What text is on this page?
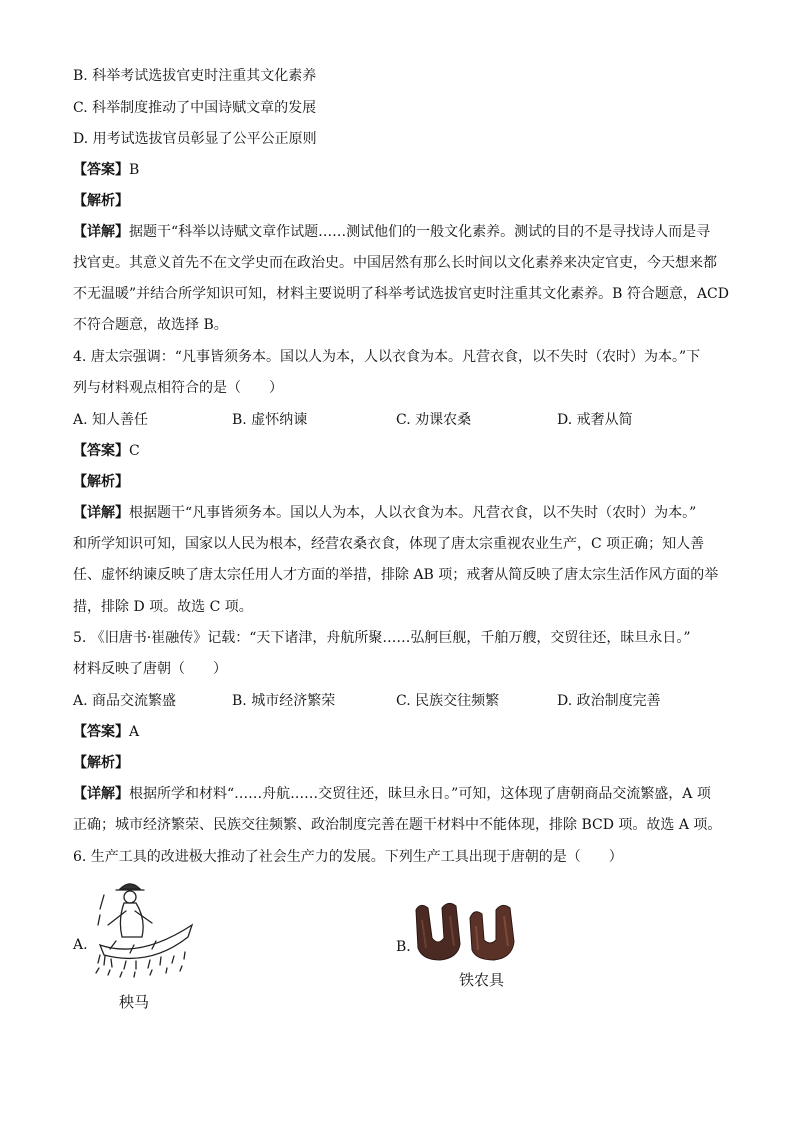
B. 科举考试选拔官吏时注重其文化素养
C. 科举制度推动了中国诗赋文章的发展
D. 用考试选拔官员彰显了公平公正原则
【答案】B
【解析】
【详解】据题干“科举以诗赋文章作试题……测试他们的一般文化素养。测试的目的不是寻找诗人而是寻
找官吏。其意义首先不在文学史而在政治史。中国居然有那么长时间以文化素养来决定官吏，今天想来都
不无温暖”并结合所学知识可知，材料主要说明了科举考试选拔官吏时注重其文化素养。B 符合题意，ACD
不符合题意，故选择 B。
4. 唐太宗强调：“凡事皆须务本。国以人为本，人以衣食为本。凡营衣食，以不失时（农时）为本。”下
列与材料观点相符合的是（　　）
A. 知人善任	B. 虚怀纳谏	C. 劝课农桑	D. 戒奢从简
【答案】C
【解析】
【详解】根据题干“凡事皆须务本。国以人为本，人以衣食为本。凡营衣食，以不失时（农时）为本。”
和所学知识可知，国家以人民为根本，经营农桑衣食，体现了唐太宗重视农业生产，C 项正确；知人善
任、虚怀纳谏反映了唐太宗任用人才方面的举措，排除 AB 项；戒奢从简反映了唐太宗生活作风方面的举
措，排除 D 项。故选 C 项。
5. 《旧唐书·崔融传》记载：“天下诸津，舟航所聚……弘舸巨舰，千舶万艘，交贸往还，昧旦永日。”
材料反映了唐朝（　　）
A. 商品交流繁盛	B. 城市经济繁荣	C. 民族交往频繁	D. 政治制度完善
【答案】A
【解析】
【详解】根据所学和材料“……舟航……交贸往还，昧旦永日。”可知，这体现了唐朝商品交流繁盛，A 项
正确；城市经济繁荣、民族交往频繁、政治制度完善在题干材料中不能体现，排除 BCD 项。故选 A 项。
6. 生产工具的改进极大推动了社会生产力的发展。下列生产工具出现于唐朝的是（　　）
A.
秧马
B.
铁农具
